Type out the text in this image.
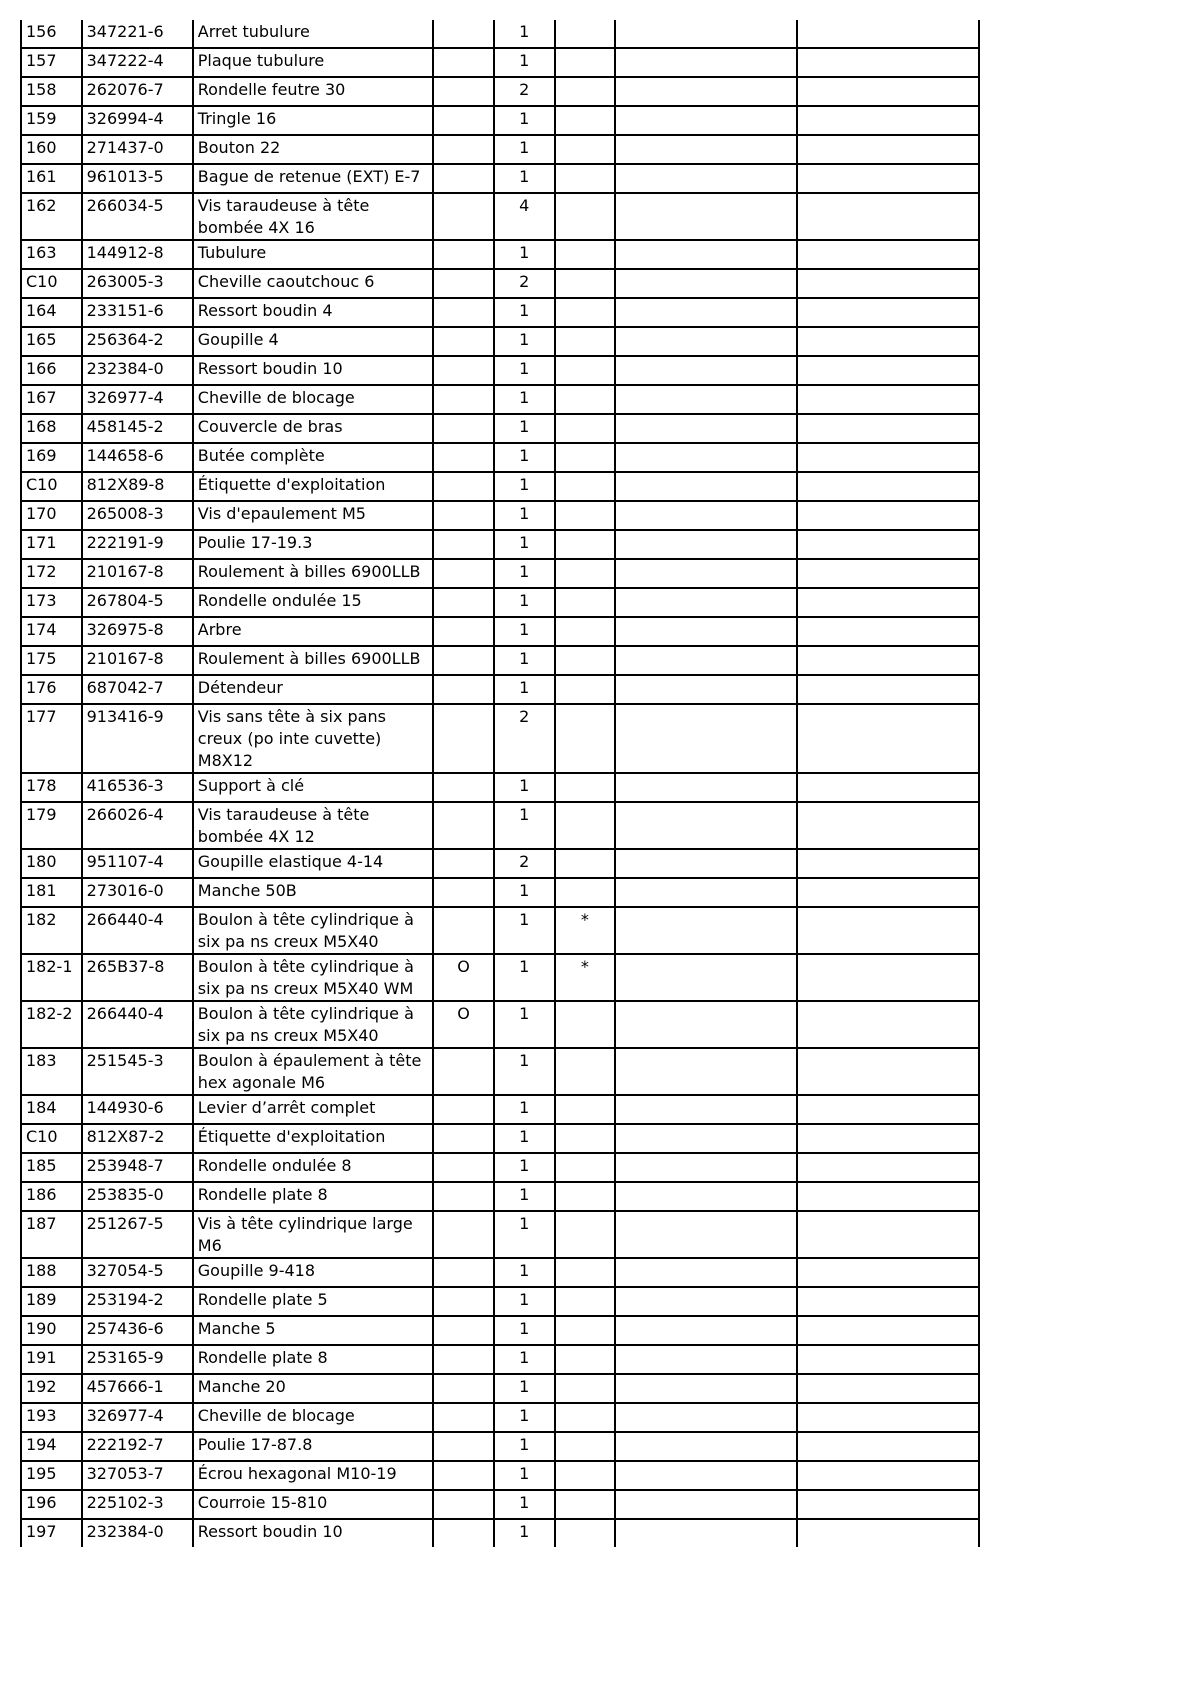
156	347221-6	Arret tubulure		1			
157	347222-4	Plaque tubulure		1			
158	262076-7	Rondelle feutre 30		2			
159	326994-4	Tringle 16		1			
160	271437-0	Bouton 22		1			
161	961013-5	Bague de retenue (EXT) E-7		1			
162	266034-5	Vis taraudeuse à tête bombée 4X 16		4			
163	144912-8	Tubulure		1			
C10	263005-3	Cheville caoutchouc 6		2			
164	233151-6	Ressort boudin 4		1			
165	256364-2	Goupille 4		1			
166	232384-0	Ressort boudin 10		1			
167	326977-4	Cheville de blocage		1			
168	458145-2	Couvercle de bras		1			
169	144658-6	Butée complète		1			
C10	812X89-8	Étiquette d'exploitation		1			
170	265008-3	Vis d'epaulement M5		1			
171	222191-9	Poulie 17-19.3		1			
172	210167-8	Roulement à billes 6900LLB		1			
173	267804-5	Rondelle ondulée 15		1			
174	326975-8	Arbre		1			
175	210167-8	Roulement à billes 6900LLB		1			
176	687042-7	Détendeur		1			
177	913416-9	Vis sans tête à six pans creux (po inte cuvette) M8X12		2			
178	416536-3	Support à clé		1			
179	266026-4	Vis taraudeuse à tête bombée 4X 12		1			
180	951107-4	Goupille elastique 4-14		2			
181	273016-0	Manche 50B		1			
182	266440-4	Boulon à tête cylindrique à six pa ns creux M5X40		1	*		
182-1	265B37-8	Boulon à tête cylindrique à six pa ns creux M5X40 WM	O	1	*		
182-2	266440-4	Boulon à tête cylindrique à six pa ns creux M5X40	O	1			
183	251545-3	Boulon à épaulement à tête hex agonale M6		1			
184	144930-6	Levier d’arrêt complet		1			
C10	812X87-2	Étiquette d'exploitation		1			
185	253948-7	Rondelle ondulée 8		1			
186	253835-0	Rondelle plate 8		1			
187	251267-5	Vis à tête cylindrique large M6		1			
188	327054-5	Goupille 9-418		1			
189	253194-2	Rondelle plate 5		1			
190	257436-6	Manche 5		1			
191	253165-9	Rondelle plate 8		1			
192	457666-1	Manche 20		1			
193	326977-4	Cheville de blocage		1			
194	222192-7	Poulie 17-87.8		1			
195	327053-7	Écrou hexagonal M10-19		1			
196	225102-3	Courroie 15-810		1			
197	232384-0	Ressort boudin 10		1			
